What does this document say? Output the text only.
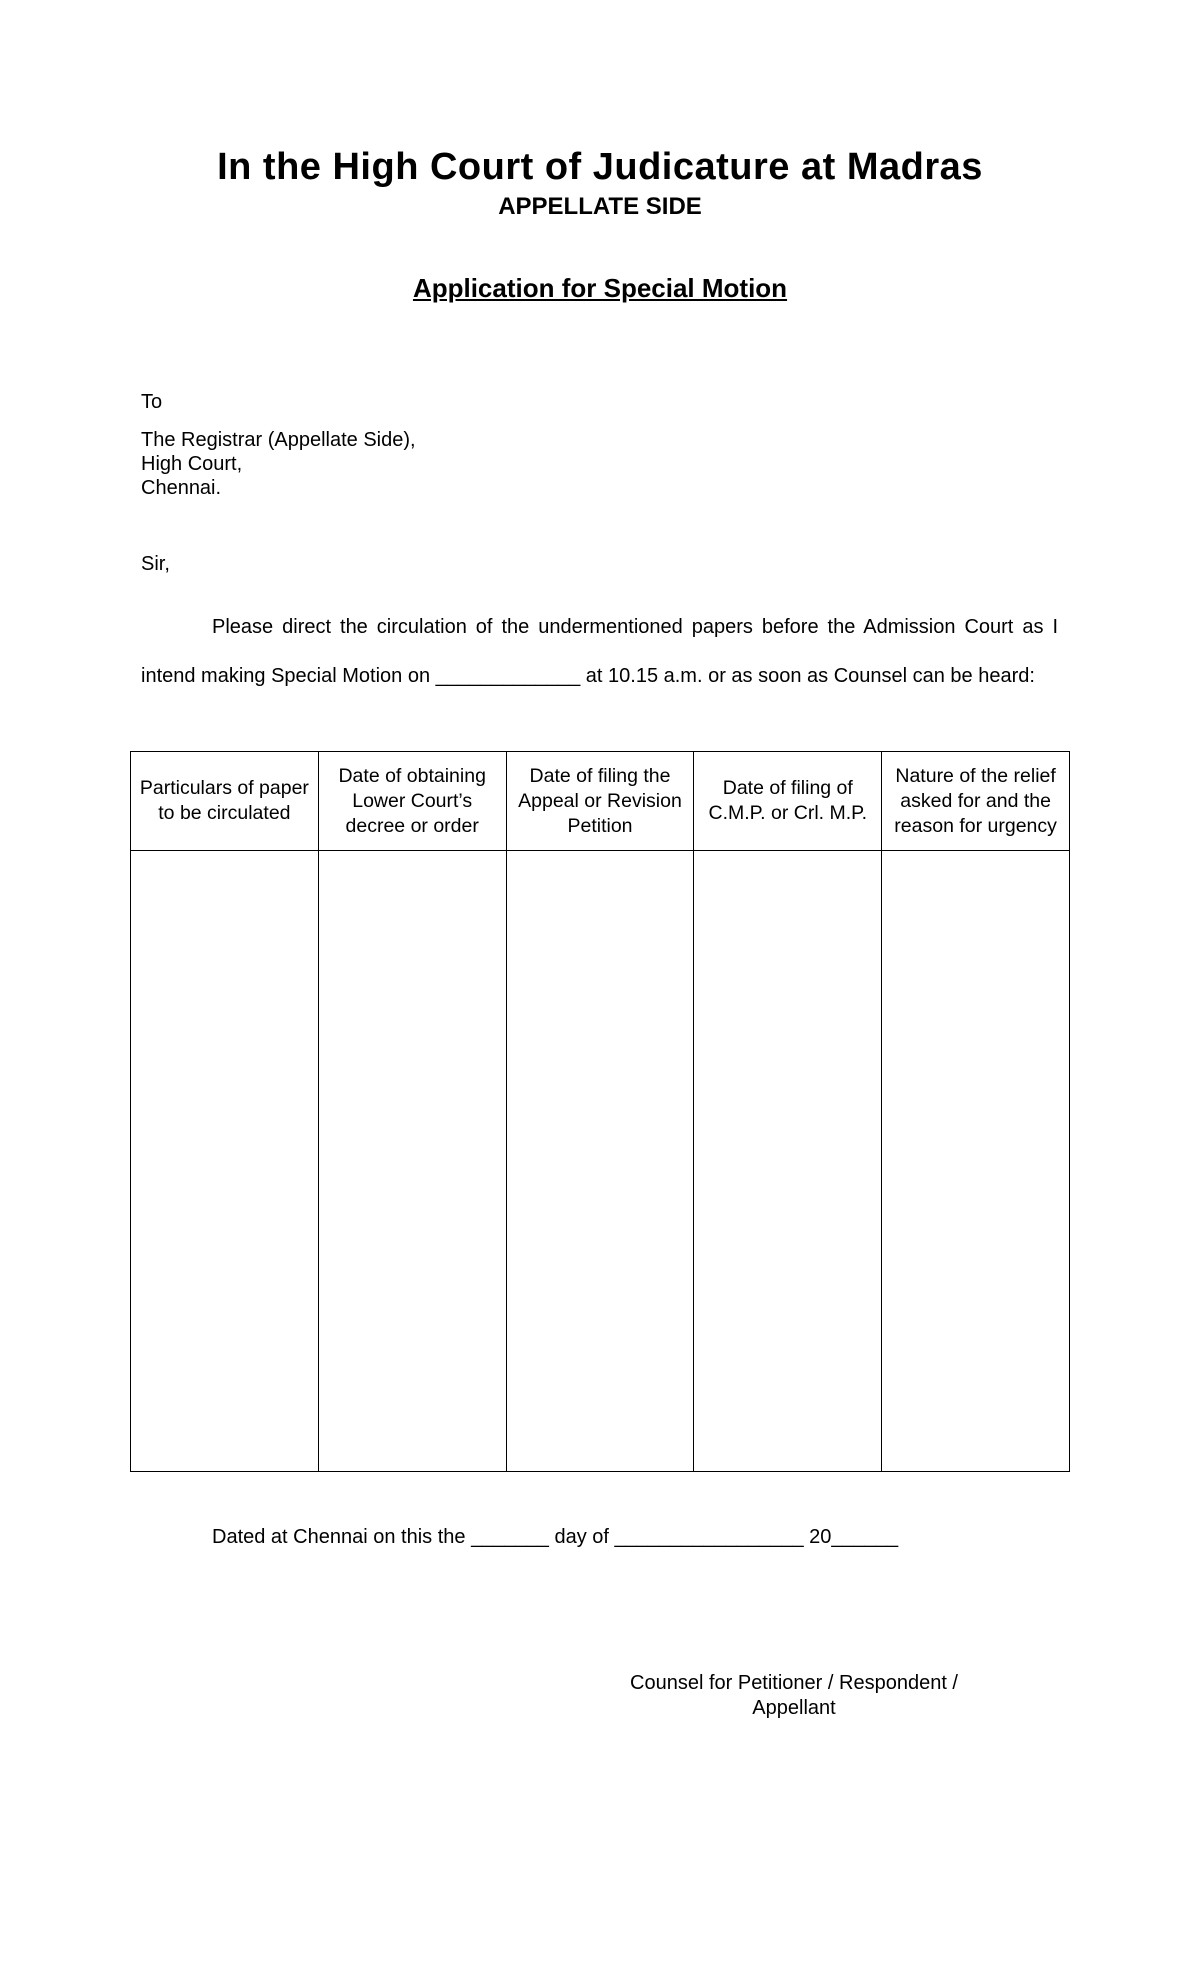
In the High Court of Judicature at Madras
APPELLATE SIDE
Application for Special Motion
To
The Registrar (Appellate Side),
High Court,
Chennai.
Sir,
Please direct the circulation of the undermentioned papers before the Admission Court as I intend making Special Motion on _____________ at 10.15 a.m. or as soon as Counsel can be heard:
Particulars of paper to be circulated	Date of obtaining Lower Court’s decree or order	Date of filing the Appeal or Revision Petition	Date of filing of C.M.P. or Crl. M.P.	Nature of the relief asked for and the reason for urgency

Dated at Chennai on this the _______ day of _________________ 20______
Counsel for Petitioner / Respondent / Appellant
